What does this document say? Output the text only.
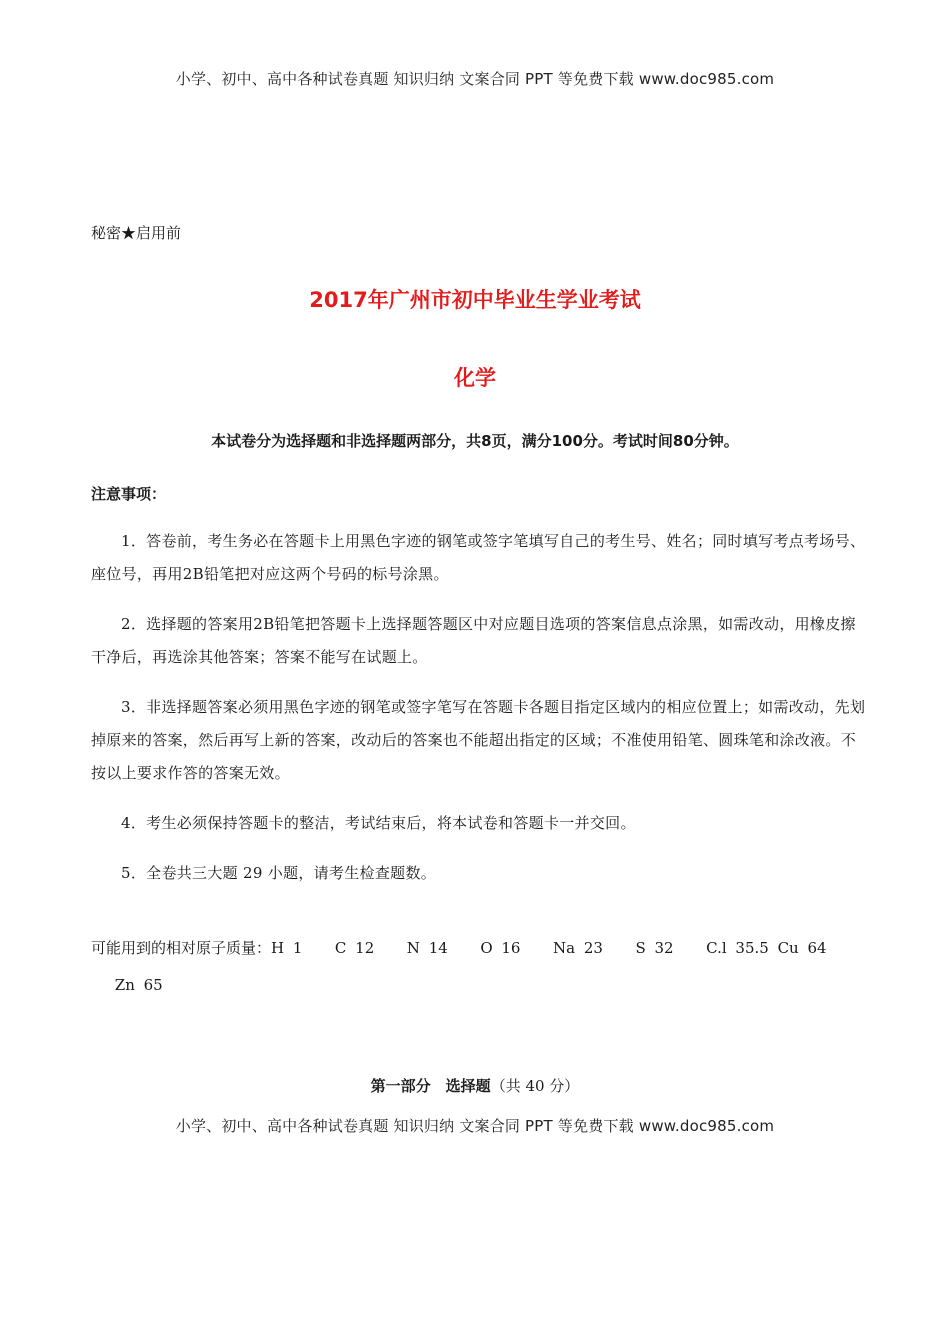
小学、初中、高中各种试卷真题 知识归纳 文案合同 PPT 等免费下载 www.doc985.com
秘密★启用前
2017年广州市初中毕业生学业考试
化学
本试卷分为选择题和非选择题两部分，共8页，满分100分。考试时间80分钟。
注意事项：

1．答卷前，考生务必在答题卡上用黑色字迹的钢笔或签字笔填写自己的考生号、姓名；同时填写考点考场号、座位号，再用2B铅笔把对应这两个号码的标号涂黑。

2．选择题的答案用2B铅笔把答题卡上选择题答题区中对应题目选项的答案信息点涂黑，如需改动，用橡皮擦干净后，再选涂其他答案；答案不能写在试题上。

3．非选择题答案必须用黑色字迹的钢笔或签字笔写在答题卡各题目指定区域内的相应位置上；如需改动，先划掉原来的答案，然后再写上新的答案，改动后的答案也不能超出指定的区域；不准使用铅笔、圆珠笔和涂改液。不按以上要求作答的答案无效。

4．考生必须保持答题卡的整洁，考试结束后，将本试卷和答题卡一并交回。

5．全卷共三大题 29 小题，请考生检查题数。

可能用到的相对原子质量：H 1 　 C 12 　 N 14 　 O 16 　 Na 23 　 S 32 　 C.l 35.5 Cu 64 　 Zn 65
第一部分　选择题（共 40 分）
小学、初中、高中各种试卷真题 知识归纳 文案合同 PPT 等免费下载 www.doc985.com
